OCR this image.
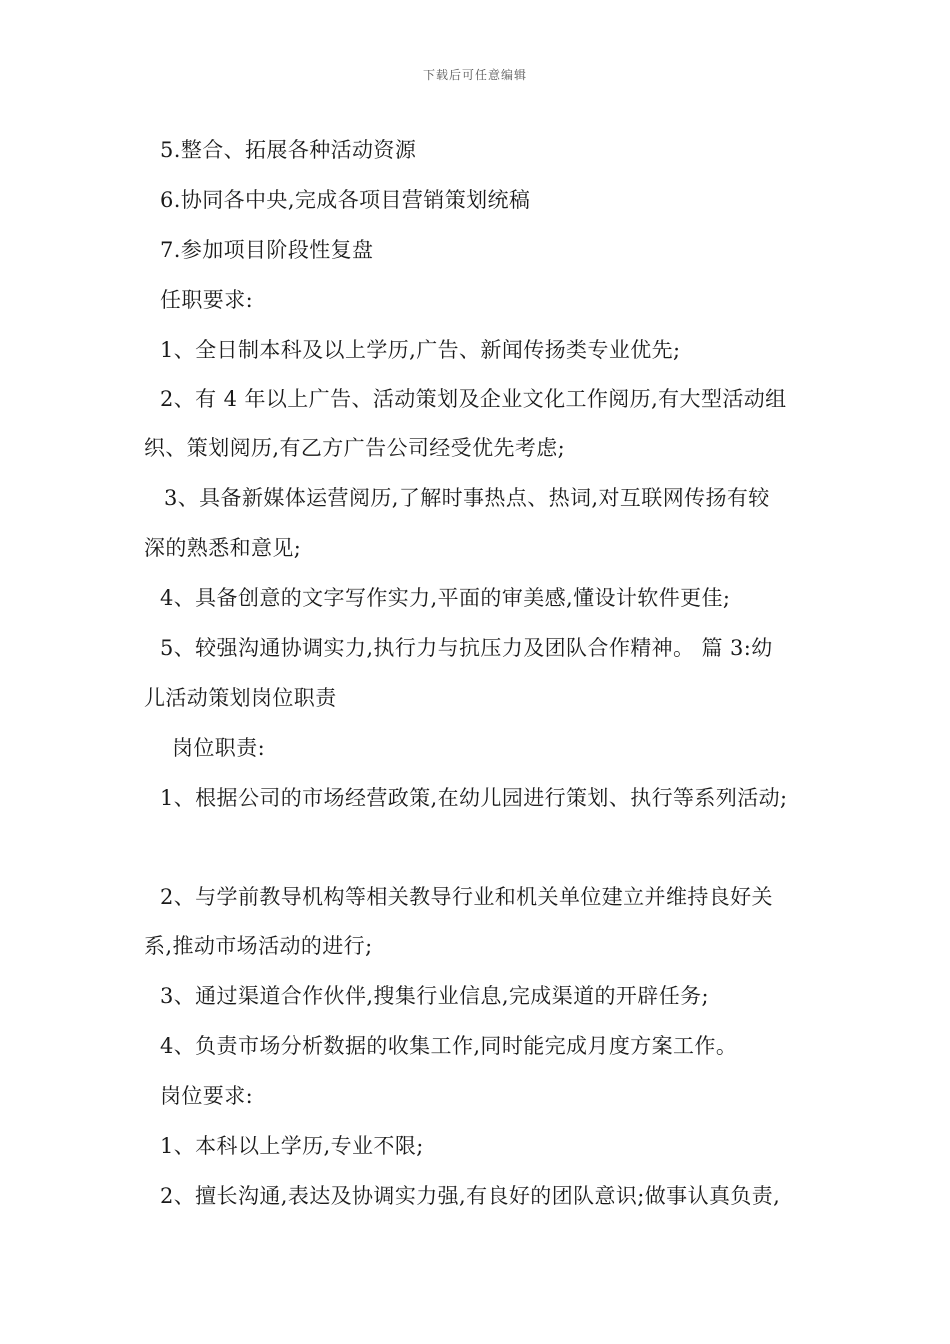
下载后可任意编辑
5.整合、拓展各种活动资源
6.协同各中央,完成各项目营销策划统稿
7.参加项目阶段性复盘
任职要求:
1、全日制本科及以上学历,广告、新闻传扬类专业优先;
2、有 4 年以上广告、活动策划及企业文化工作阅历,有大型活动组
织、策划阅历,有乙方广告公司经受优先考虑;
3、具备新媒体运营阅历,了解时事热点、热词,对互联网传扬有较
深的熟悉和意见;
4、具备创意的文字写作实力,平面的审美感,懂设计软件更佳;
5、较强沟通协调实力,执行力与抗压力及团队合作精神。 篇 3:幼
儿活动策划岗位职责
岗位职责:
1、根据公司的市场经营政策,在幼儿园进行策划、执行等系列活动;
2、与学前教导机构等相关教导行业和机关单位建立并维持良好关
系,推动市场活动的进行;
3、通过渠道合作伙伴,搜集行业信息,完成渠道的开辟任务;
4、负责市场分析数据的收集工作,同时能完成月度方案工作。
岗位要求:
1、本科以上学历,专业不限;
2、擅长沟通,表达及协调实力强,有良好的团队意识;做事认真负责,
